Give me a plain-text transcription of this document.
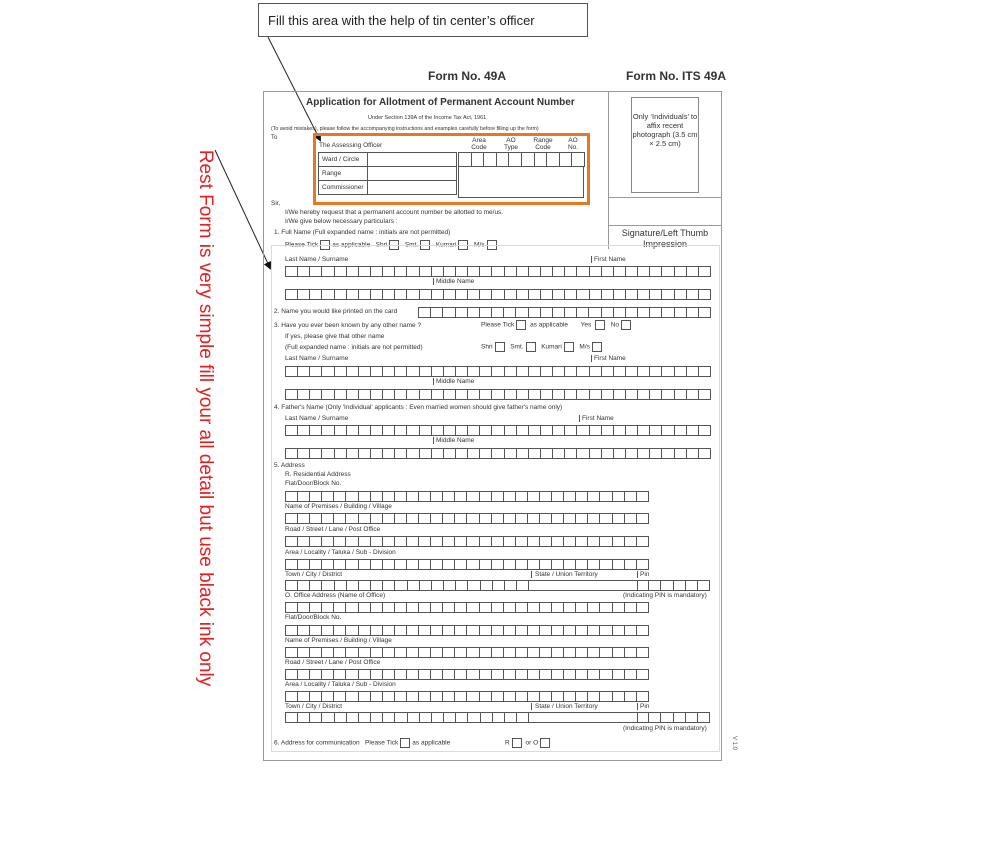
Fill this area with the help of tin center’s officer
Rest Form is very simple fill your all detail but use black ink only
Form No. 49A	Form No. ITS 49A
Only ‘Individuals’ to affix recent photograph (3.5 cm × 2.5 cm)
Signature/Left Thumb Impression
Application for Allotment of Permanent Account Number
Under Section 139A of the Income Tax Act, 1961
(To avoid mistakes), please follow the accompanying instructions and examples carefully before filling up the form)
To
The Assessing Officer
Area Code
AO Type
Range Code
AO No.
Ward / Circle	
Range	
Commissioner	
Sir,
I/We hereby request that a permanent account number be allotted to me/us.
I/We give below necessary particulars :
1. Full Name (Full expanded name : initials are not permitted)
Please Tick as applicable Shri	Smt.	Kumari	M/s
Last Name / Surname	First Name
Middle Name
2. Name you would like printed on the card
3. Have you ever been known by any other name ?	Please Tick as applicable Yes	No
If yes, please give that other name
(Full expanded name : initials are not permitted)	Shri	Smt.	Kumari	M/s
Last Name / Surname	First Name
Middle Name
4. Father's Name (Only 'Individual' applicants : Even married women should give father's name only)
Last Name / Surname	First Name
Middle Name
5. Address
R. Residential Address
Flat/Door/Block No.
Name of Premises / Building / Village
Road / Street / Lane / Post Office
Area / Locality / Taluka / Sub - Division
Town / City / District	State / Union Territory	Pin
O. Office Address (Name of Office)	(Indicating PIN is mandatory)
Flat/Door/Block No.
Name of Premises / Building / Village
Road / Street / Lane / Post Office
Area / Locality / Taluka / Sub - Division
Town / City / District	State / Union Territory	Pin
(Indicating PIN is mandatory)
6. Address for communication Please Tick as applicable	R or O	V 1.0
